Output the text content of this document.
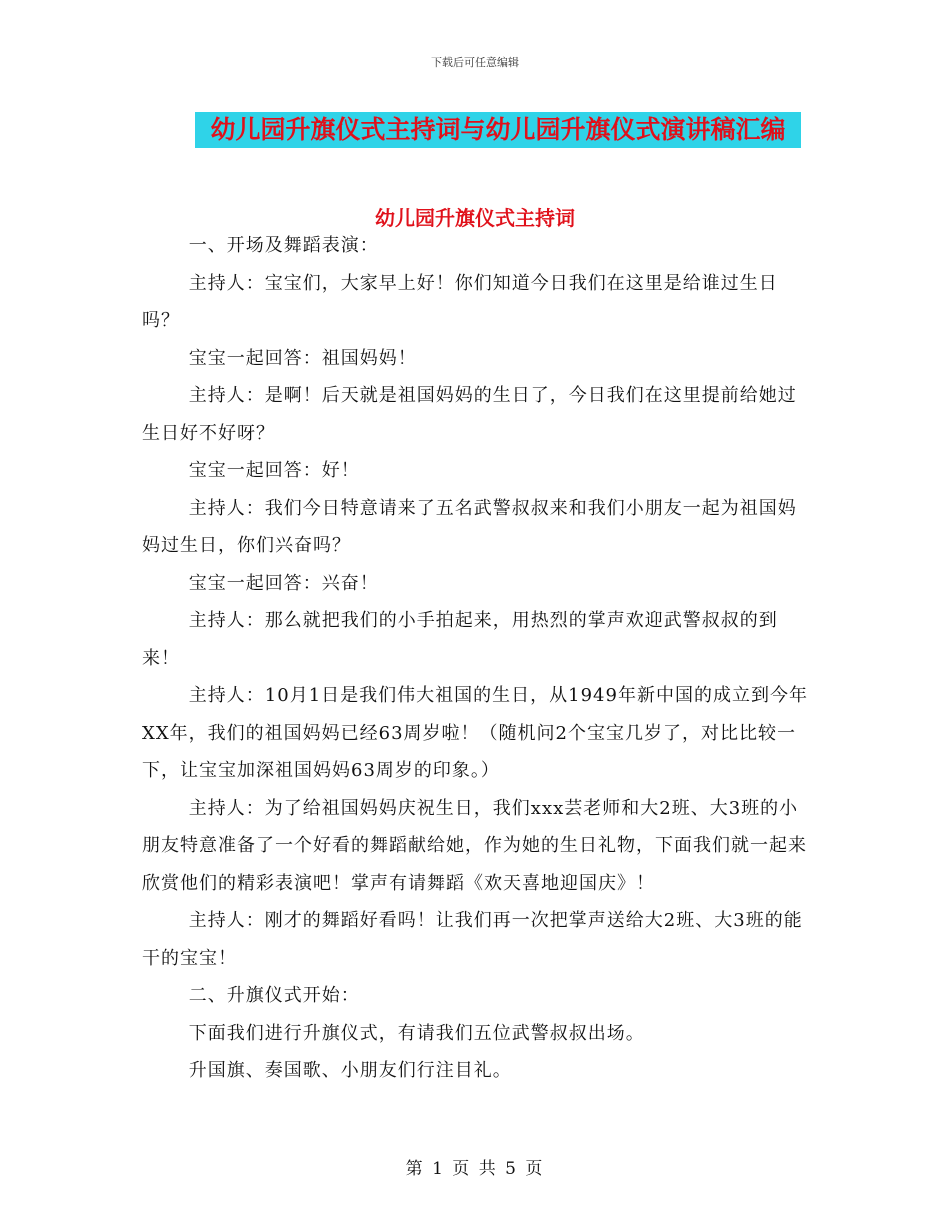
下载后可任意编辑
幼儿园升旗仪式主持词与幼儿园升旗仪式演讲稿汇编
幼儿园升旗仪式主持词

一、开场及舞蹈表演：

主持人：宝宝们，大家早上好！你们知道今日我们在这里是给谁过生日吗？

宝宝一起回答：祖国妈妈！

主持人：是啊！后天就是祖国妈妈的生日了，今日我们在这里提前给她过生日好不好呀？

宝宝一起回答：好！

主持人：我们今日特意请来了五名武警叔叔来和我们小朋友一起为祖国妈妈过生日，你们兴奋吗？

宝宝一起回答：兴奋！

主持人：那么就把我们的小手拍起来，用热烈的掌声欢迎武警叔叔的到来！

主持人：10月1日是我们伟大祖国的生日，从1949年新中国的成立到今年XX年，我们的祖国妈妈已经63周岁啦！（随机问2个宝宝几岁了，对比比较一下，让宝宝加深祖国妈妈63周岁的印象。）

主持人：为了给祖国妈妈庆祝生日，我们xxx芸老师和大2班、大3班的小朋友特意准备了一个好看的舞蹈献给她，作为她的生日礼物，下面我们就一起来欣赏他们的精彩表演吧！掌声有请舞蹈《欢天喜地迎国庆》！

主持人：刚才的舞蹈好看吗！让我们再一次把掌声送给大2班、大3班的能干的宝宝！

二、升旗仪式开始：

下面我们进行升旗仪式，有请我们五位武警叔叔出场。

升国旗、奏国歌、小朋友们行注目礼。

第 1 页 共 5 页
